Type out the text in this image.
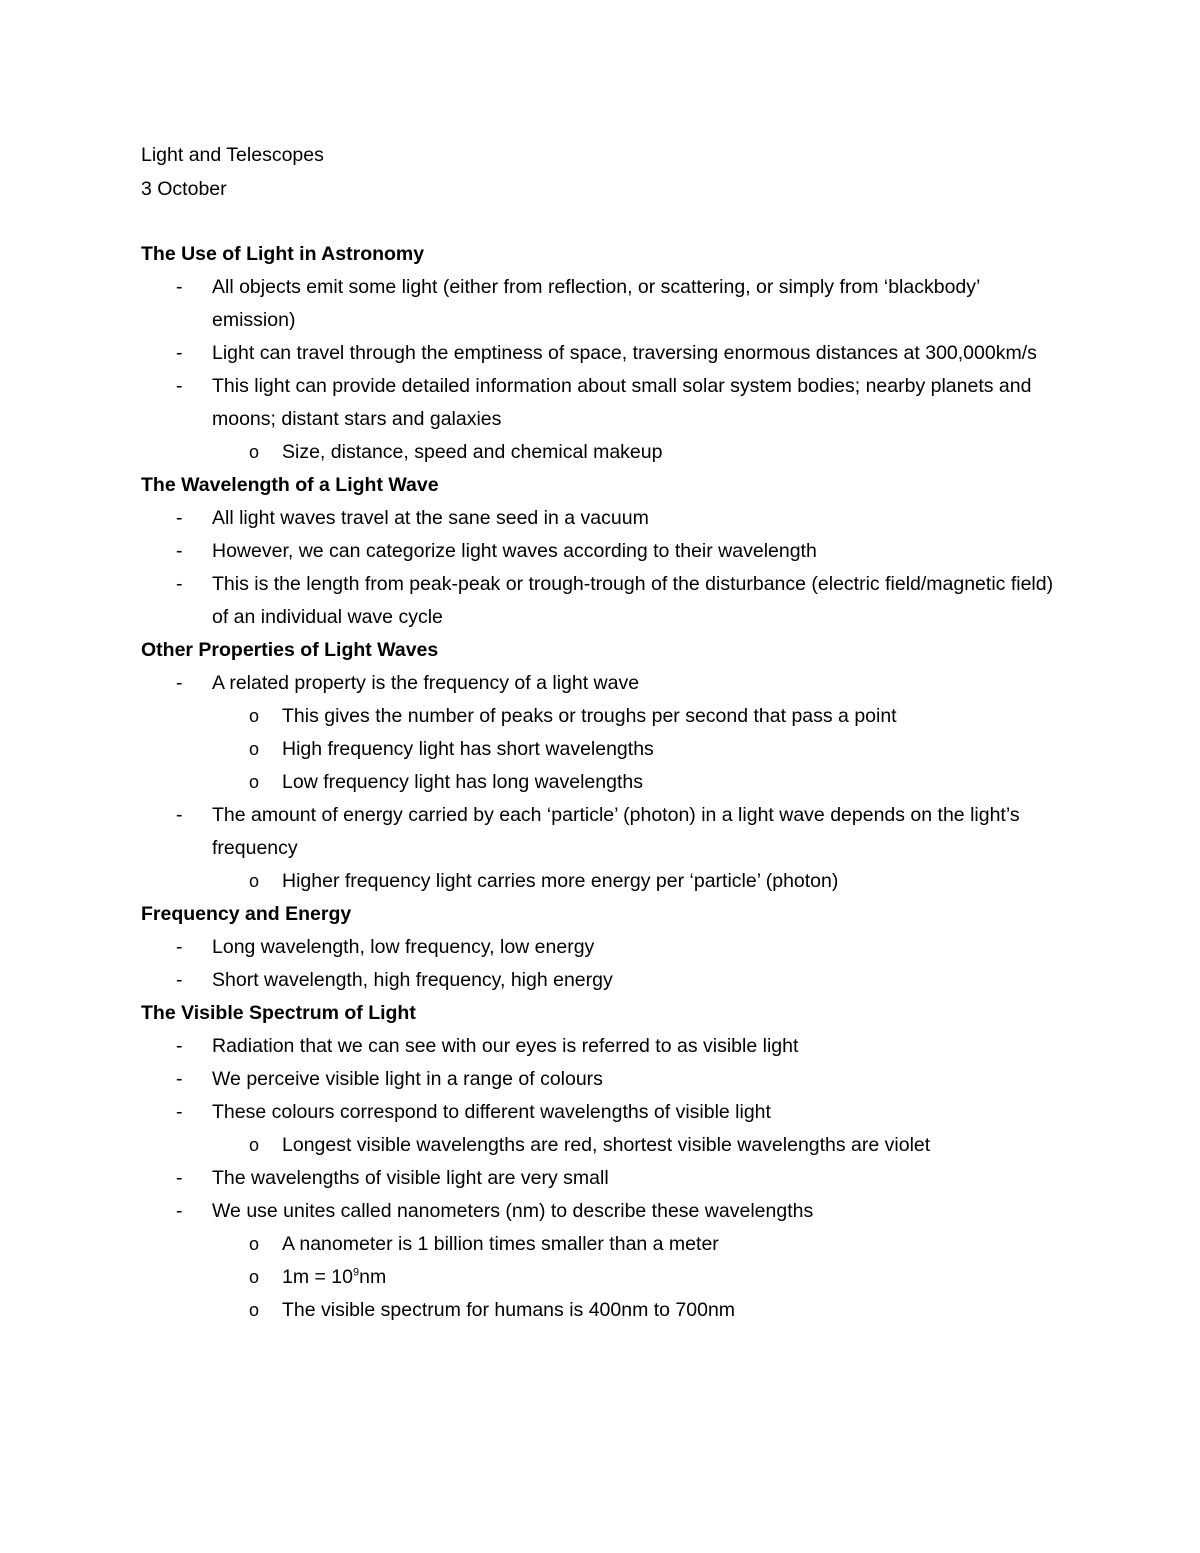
Light and Telescopes
3 October
The Use of Light in Astronomy
- All objects emit some light (either from reflection, or scattering, or simply from ‘blackbody’ emission)
- Light can travel through the emptiness of space, traversing enormous distances at 300,000km/s
- This light can provide detailed information about small solar system bodies; nearby planets and moons; distant stars and galaxies
o Size, distance, speed and chemical makeup
The Wavelength of a Light Wave
- All light waves travel at the sane seed in a vacuum
- However, we can categorize light waves according to their wavelength
- This is the length from peak-peak or trough-trough of the disturbance (electric field/magnetic field) of an individual wave cycle
Other Properties of Light Waves
- A related property is the frequency of a light wave
o This gives the number of peaks or troughs per second that pass a point
o High frequency light has short wavelengths
o Low frequency light has long wavelengths
- The amount of energy carried by each ‘particle’ (photon) in a light wave depends on the light’s frequency
o Higher frequency light carries more energy per ‘particle’ (photon)
Frequency and Energy
- Long wavelength, low frequency, low energy
- Short wavelength, high frequency, high energy
The Visible Spectrum of Light
- Radiation that we can see with our eyes is referred to as visible light
- We perceive visible light in a range of colours
- These colours correspond to different wavelengths of visible light
o Longest visible wavelengths are red, shortest visible wavelengths are violet
- The wavelengths of visible light are very small
- We use unites called nanometers (nm) to describe these wavelengths
o A nanometer is 1 billion times smaller than a meter
o $1m = 10^9nm$
o The visible spectrum for humans is 400nm to 700nm
